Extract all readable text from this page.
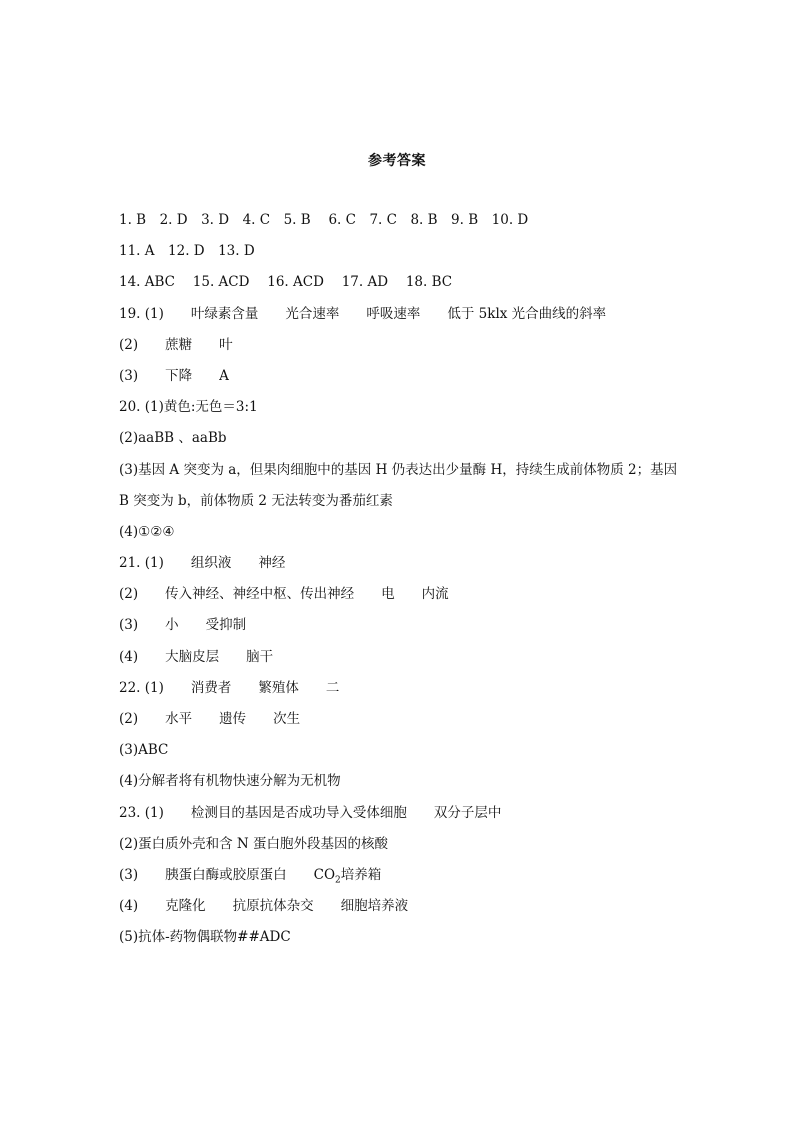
参考答案
1. B　2. D　3. D　4. C　5. B　 6. C　7. C　8. B　9. B　10. D
11. A　12. D　13. D
14. ABC　 15. ACD　 16. ACD　 17. AD　 18. BC
19. (1)　　叶绿素含量　　光合速率　　呼吸速率　　低于 5klx 光合曲线的斜率
(2)　　蔗糖　　叶
(3)　　下降　　A
20. (1)黄色:无色＝3:1
(2)aaBB 、aaBb
(3)基因 A 突变为 a，但果肉细胞中的基因 H 仍表达出少量酶 H，持续生成前体物质 2；基因
B 突变为 b，前体物质 2 无法转变为番茄红素
(4)①②④
21. (1)　　组织液　　神经
(2)　　传入神经、神经中枢、传出神经　　电　　内流
(3)　　小　　受抑制
(4)　　大脑皮层　　脑干
22. (1)　　消费者　　繁殖体　　二
(2)　　水平　　遗传　　次生
(3)ABC
(4)分解者将有机物快速分解为无机物
23. (1)　　检测目的基因是否成功导入受体细胞　　双分子层中
(2)蛋白质外壳和含 N 蛋白胞外段基因的核酸
(3)　　胰蛋白酶或胶原蛋白　　$CO_2$培养箱
(4)　　克隆化　　抗原抗体杂交　　细胞培养液
(5)抗体-药物偶联物##ADC
